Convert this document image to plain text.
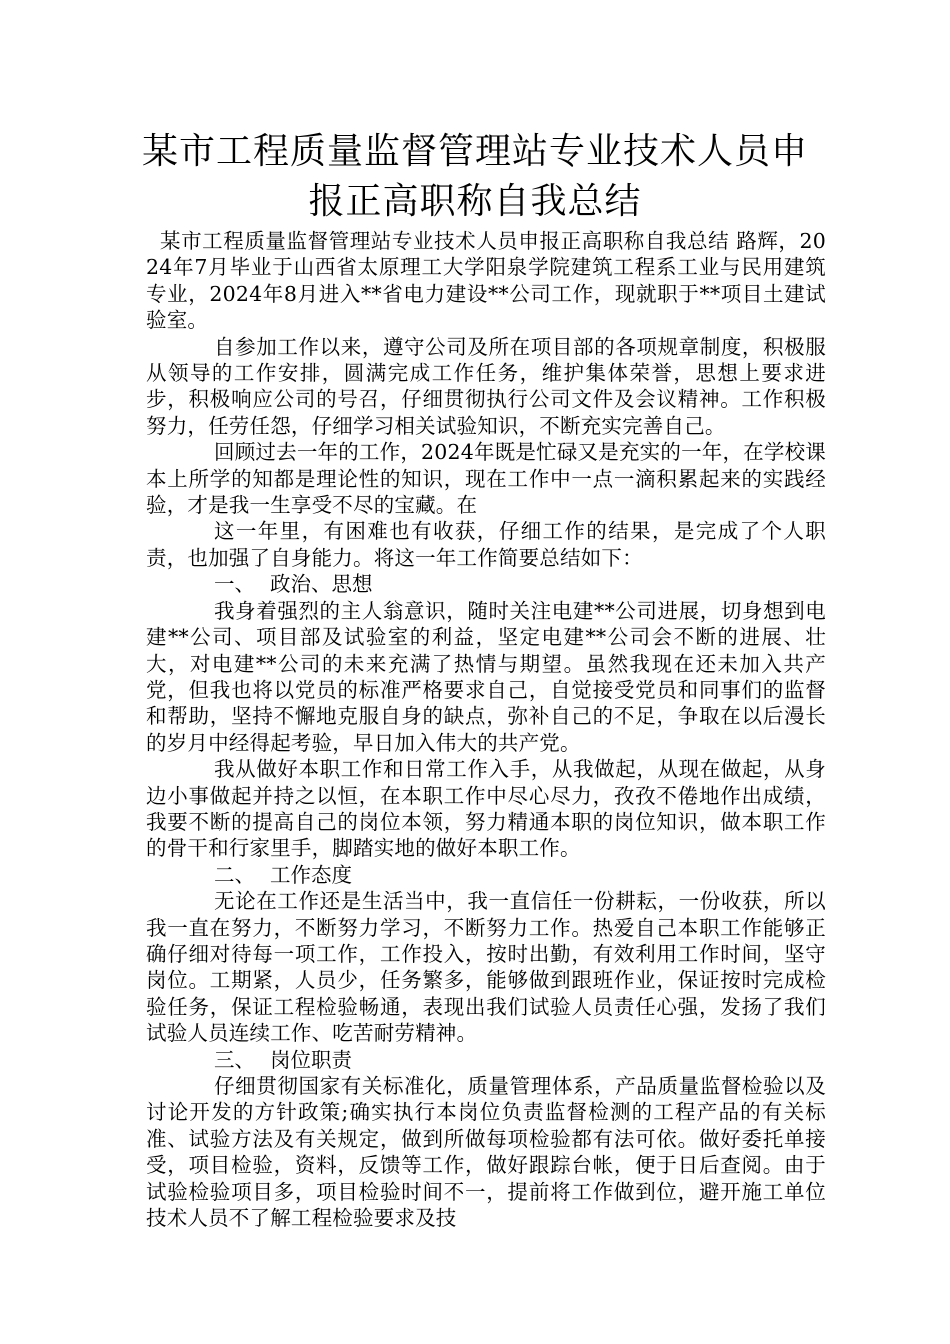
某市工程质量监督管理站专业技术人员申
报正高职称自我总结

某市工程质量监督管理站专业技术人员申报正高职称自我总结 路辉，2024年7月毕业于山西省太原理工大学阳泉学院建筑工程系工业与民用建筑专业，2024年8月进入**省电力建设**公司工作，现就职于**项目土建试验室。

自参加工作以来，遵守公司及所在项目部的各项规章制度，积极服从领导的工作安排，圆满完成工作任务，维护集体荣誉，思想上要求进步，积极响应公司的号召，仔细贯彻执行公司文件及会议精神。工作积极努力，任劳任怨，仔细学习相关试验知识，不断充实完善自己。

回顾过去一年的工作，2024年既是忙碌又是充实的一年，在学校课本上所学的知都是理论性的知识，现在工作中一点一滴积累起来的实践经验，才是我一生享受不尽的宝藏。在

这一年里，有困难也有收获，仔细工作的结果，是完成了个人职责，也加强了自身能力。将这一年工作简要总结如下：

一、 政治、思想

我身着强烈的主人翁意识，随时关注电建**公司进展，切身想到电建**公司、项目部及试验室的利益，坚定电建**公司会不断的进展、壮大，对电建**公司的未来充满了热情与期望。虽然我现在还未加入共产党，但我也将以党员的标准严格要求自己，自觉接受党员和同事们的监督和帮助，坚持不懈地克服自身的缺点，弥补自己的不足，争取在以后漫长的岁月中经得起考验，早日加入伟大的共产党。

我从做好本职工作和日常工作入手，从我做起，从现在做起，从身边小事做起并持之以恒，在本职工作中尽心尽力，孜孜不倦地作出成绩，我要不断的提高自己的岗位本领，努力精通本职的岗位知识，做本职工作的骨干和行家里手，脚踏实地的做好本职工作。

二、 工作态度

无论在工作还是生活当中，我一直信任一份耕耘，一份收获，所以我一直在努力，不断努力学习，不断努力工作。热爱自己本职工作能够正确仔细对待每一项工作，工作投入，按时出勤，有效利用工作时间，坚守岗位。工期紧，人员少，任务繁多，能够做到跟班作业，保证按时完成检验任务，保证工程检验畅通，表现出我们试验人员责任心强，发扬了我们试验人员连续工作、吃苦耐劳精神。

三、 岗位职责

仔细贯彻国家有关标准化，质量管理体系，产品质量监督检验以及讨论开发的方针政策;确实执行本岗位负责监督检测的工程产品的有关标准、试验方法及有关规定，做到所做每项检验都有法可依。做好委托单接受，项目检验，资料，反馈等工作，做好跟踪台帐，便于日后查阅。由于试验检验项目多，项目检验时间不一，提前将工作做到位，避开施工单位技术人员不了解工程检验要求及技
